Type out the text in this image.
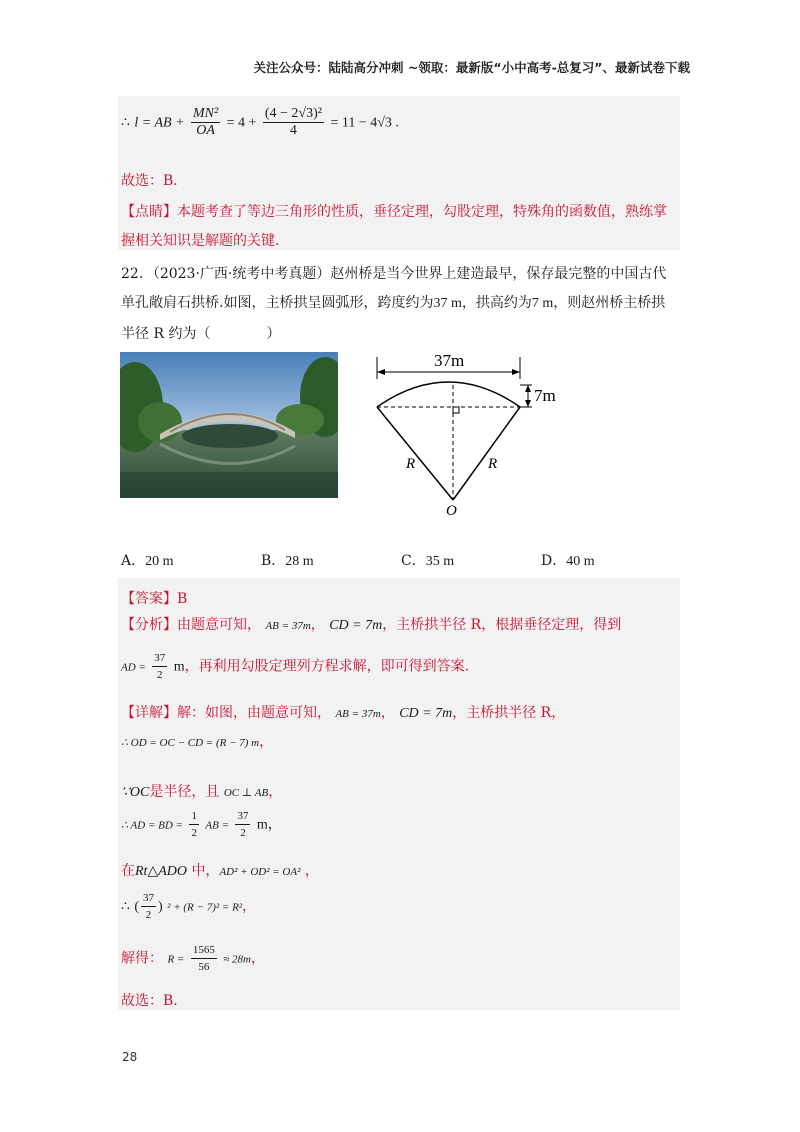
关注公众号：陆陆高分冲刺 ~领取：最新版“小中高考-总复习”、最新试卷下载
∴ l = AB + $\frac{\text{MN²}}{OA} = 4 + \frac{\text{(4 − 2√3)²}}{4} = 11 - 4√3$ .
故选：B．
【点睛】本题考查了等边三角形的性质，垂径定理，勾股定理，特殊角的函数值，熟练掌
握相关知识是解题的关键．
22．（2023·广西·统考中考真题）赵州桥是当今世界上建造最早，保存最完整的中国古代
单孔敞肩石拱桥.如图，主桥拱呈圆弧形，跨度约为37 m，拱高约为7 m，则赵州桥主桥拱
半径 R 约为（　　　　）
37m
7m
R	R
O
A．20 m	B．28 m	C．35 m	D．40 m
【答案】B
【分析】由题意可知， AB = 37m， CD = 7m，主桥拱半径 R，根据垂径定理，得到
AD = $\frac{37}{2}$ m，再利用勾股定理列方程求解，即可得到答案.
【详解】解：如图，由题意可知， AB = 37m， CD = 7m，主桥拱半径 R，
∴ OD = OC − CD = (R − 7) m，
∵OC是半径，且 OC ⊥ AB，
∴ AD = BD = $\frac{1}{2}$ AB = $\frac{37}{2}$ m，
在Rt△ADO 中，AD² + OD² = OA² ，
∴ ( $\frac{37}{2}$ ) ² + (R − 7)² = R²，
解得： $R = \frac{1565}{56} \approx 28m$，
故选：B.
28
